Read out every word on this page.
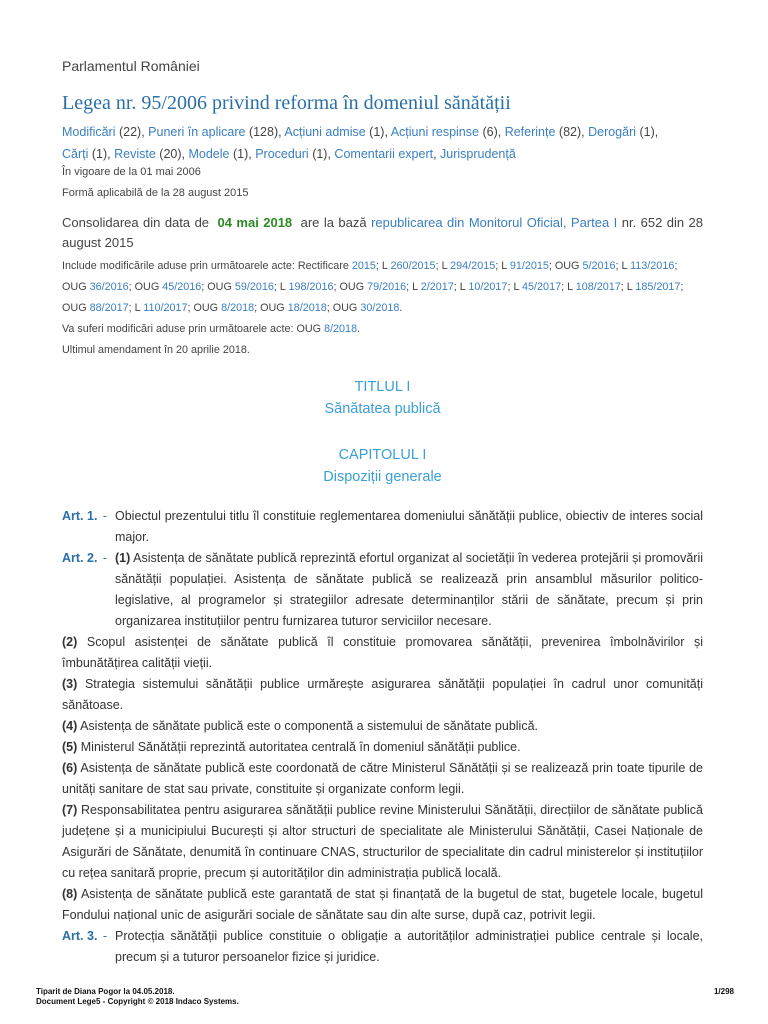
Parlamentul României
Legea nr. 95/2006 privind reforma în domeniul sănătății
Modificări (22), Puneri în aplicare (128), Acțiuni admise (1), Acțiuni respinse (6), Referințe (82), Derogări (1),
Cărți (1), Reviste (20), Modele (1), Proceduri (1), Comentarii expert, Jurisprudență
În vigoare de la 01 mai 2006
Formă aplicabilă de la 28 august 2015
Consolidarea din data de 04 mai 2018 are la bază republicarea din Monitorul Oficial, Partea I nr. 652 din 28 august 2015
Include modificările aduse prin următoarele acte: Rectificare 2015; L 260/2015; L 294/2015; L 91/2015; OUG 5/2016; L 113/2016; OUG 36/2016; OUG 45/2016; OUG 59/2016; L 198/2016; OUG 79/2016; L 2/2017; L 10/2017; L 45/2017; L 108/2017; L 185/2017; OUG 88/2017; L 110/2017; OUG 8/2018; OUG 18/2018; OUG 30/2018.
Va suferi modificări aduse prin următoarele acte: OUG 8/2018.
Ultimul amendament în 20 aprilie 2018.
TITLUL I
Sănătatea publică
CAPITOLUL I
Dispoziții generale
Art. 1. - Obiectul prezentului titlu îl constituie reglementarea domeniului sănătății publice, obiectiv de interes social major.
Art. 2. - (1) Asistența de sănătate publică reprezintă efortul organizat al societății în vederea protejării și promovării sănătății populației. Asistența de sănătate publică se realizează prin ansamblul măsurilor politico-legislative, al programelor și strategiilor adresate determinanților stării de sănătate, precum și prin organizarea instituțiilor pentru furnizarea tuturor serviciilor necesare.
(2) Scopul asistenței de sănătate publică îl constituie promovarea sănătății, prevenirea îmbolnăvirilor și îmbunătățirea calității vieții.
(3) Strategia sistemului sănătății publice urmărește asigurarea sănătății populației în cadrul unor comunități sănătoase.
(4) Asistența de sănătate publică este o componentă a sistemului de sănătate publică.
(5) Ministerul Sănătății reprezintă autoritatea centrală în domeniul sănătății publice.
(6) Asistența de sănătate publică este coordonată de către Ministerul Sănătății și se realizează prin toate tipurile de unități sanitare de stat sau private, constituite și organizate conform legii.
(7) Responsabilitatea pentru asigurarea sănătății publice revine Ministerului Sănătății, direcțiilor de sănătate publică județene și a municipiului București și altor structuri de specialitate ale Ministerului Sănătății, Casei Naționale de Asigurări de Sănătate, denumită în continuare CNAS, structurilor de specialitate din cadrul ministerelor și instituțiilor cu rețea sanitară proprie, precum și autorităților din administrația publică locală.
(8) Asistența de sănătate publică este garantată de stat și finanțată de la bugetul de stat, bugetele locale, bugetul Fondului național unic de asigurări sociale de sănătate sau din alte surse, după caz, potrivit legii.
Art. 3. - Protecția sănătății publice constituie o obligație a autorităților administrației publice centrale și locale, precum și a tuturor persoanelor fizice și juridice.
Tiparit de Diana Pogor la 04.05.2018.
Document Lege5 - Copyright © 2018 Indaco Systems.
1/298
